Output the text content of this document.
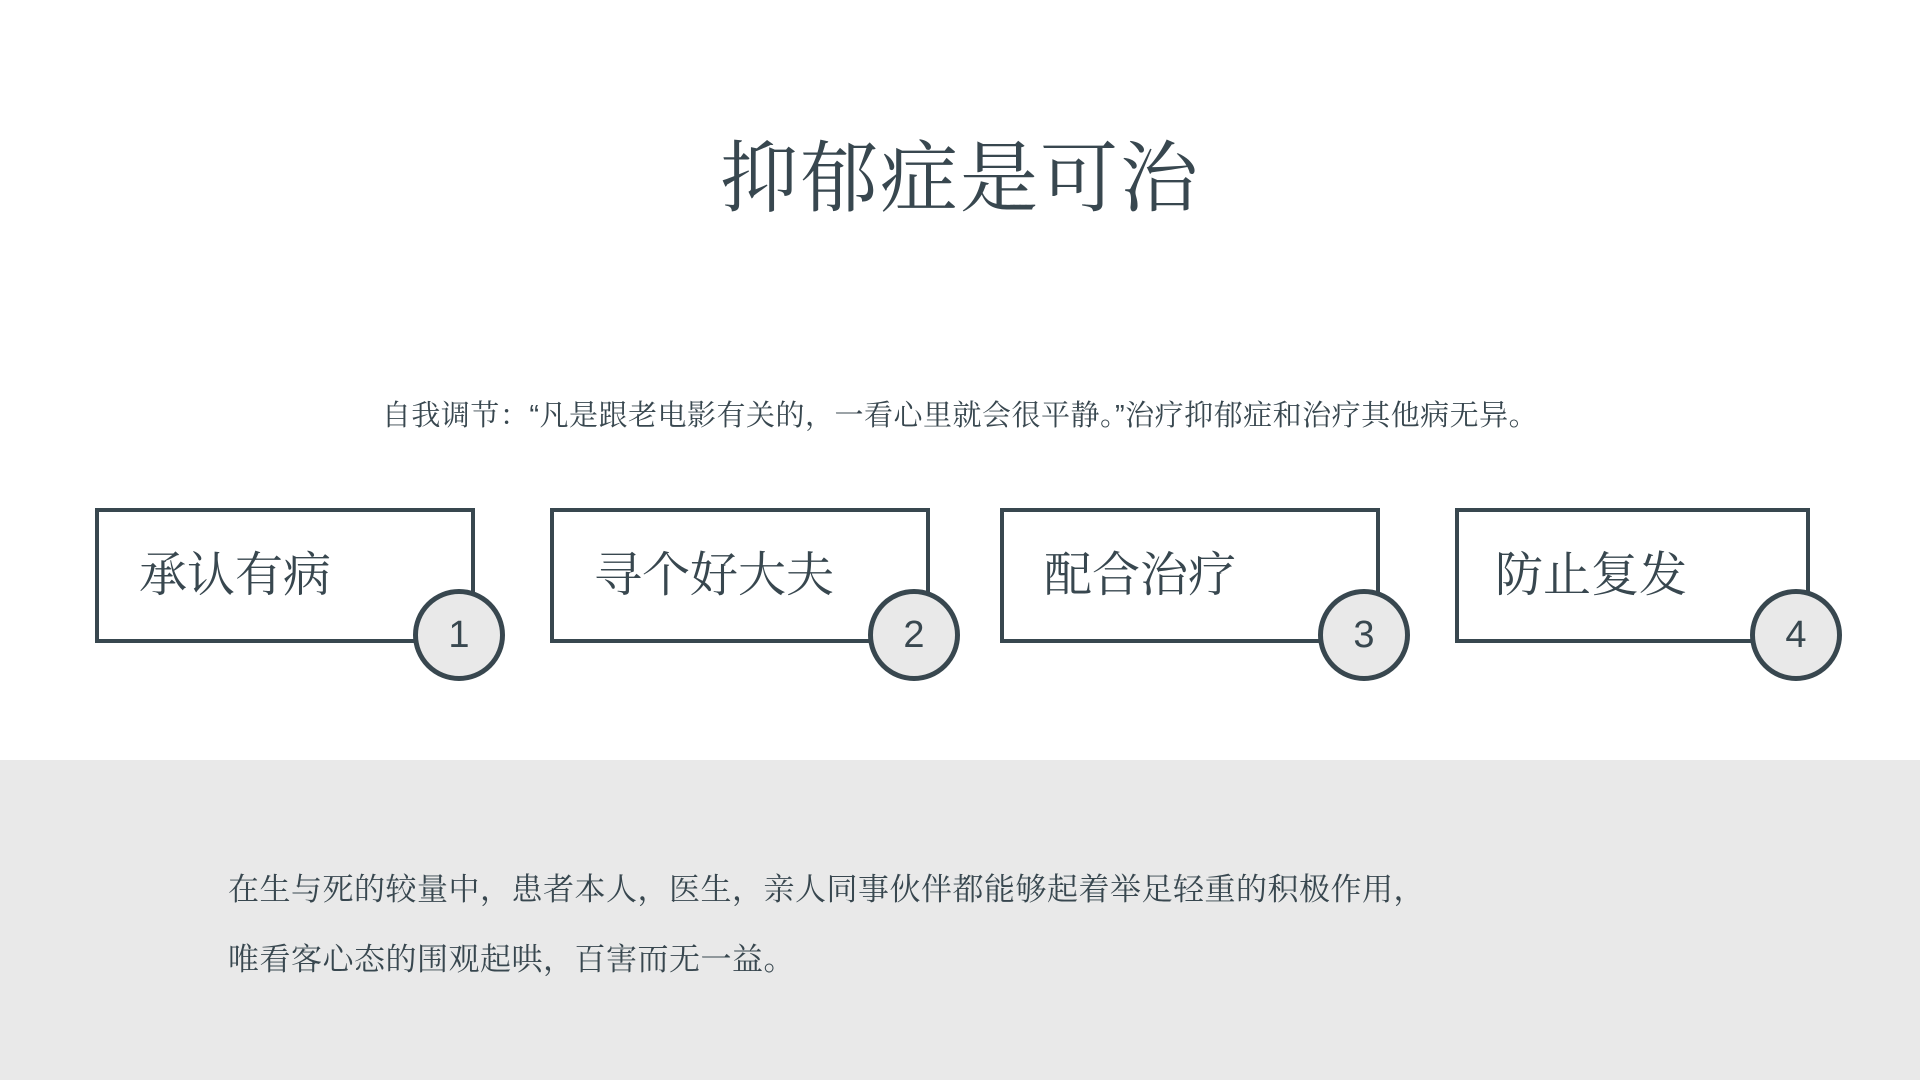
抑郁症是可治
自我调节：“凡是跟老电影有关的，一看心里就会很平静。”治疗抑郁症和治疗其他病无异。
承认有病
1
寻个好大夫
2
配合治疗
3
防止复发
4
在生与死的较量中，患者本人，医生，亲人同事伙伴都能够起着举足轻重的积极作用，
唯看客心态的围观起哄，百害而无一益。
